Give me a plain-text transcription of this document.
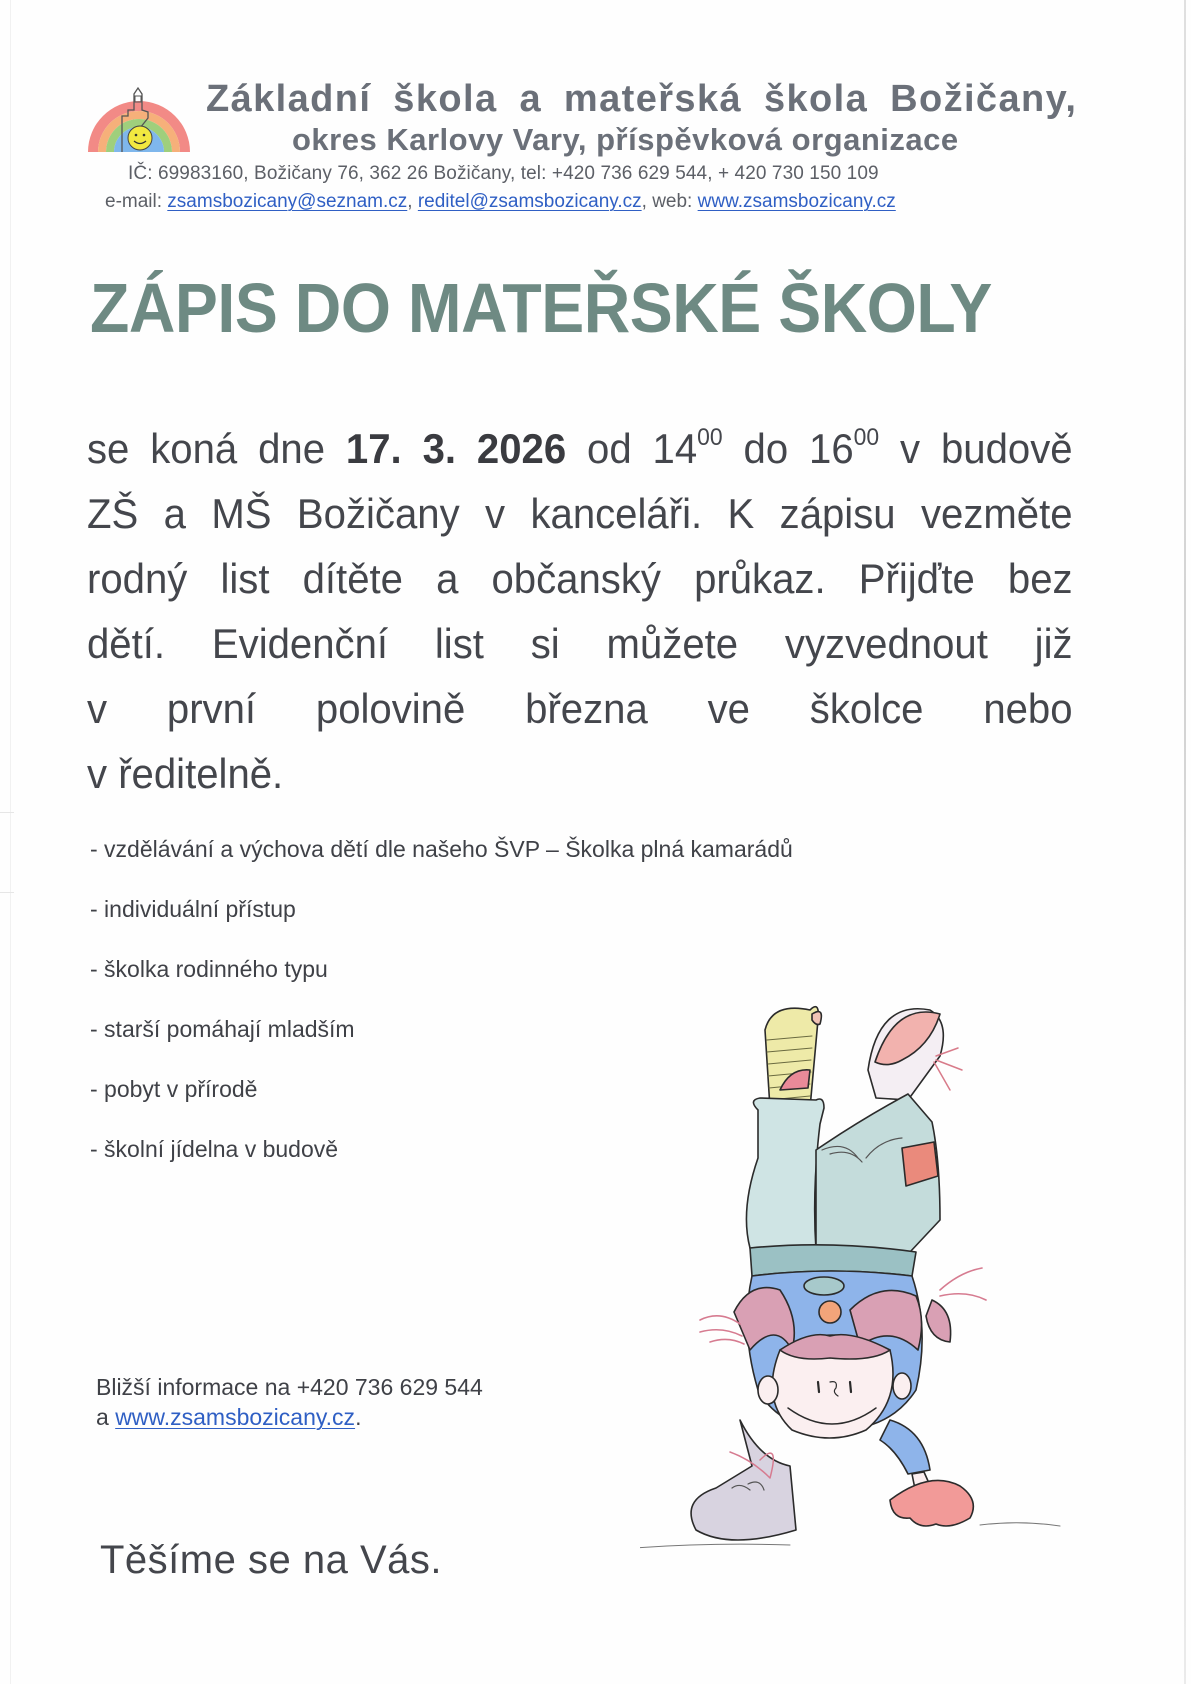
Základní škola a mateřská škola Božičany,
okres Karlovy Vary, příspěvková organizace
IČ: 69983160, Božičany 76, 362 26 Božičany, tel: +420 736 629 544, + 420 730 150 109
e-mail: zsamsbozicany@seznam.cz, reditel@zsamsbozicany.cz, web: www.zsamsbozicany.cz
ZÁPIS DO MATEŘSKÉ ŠKOLY
se koná dne 17. 3. 2026 od $14^{00}$ do $16^{00}$ v budově
ZŠ a MŠ Božičany v kanceláři. K zápisu vezměte
rodný list dítěte a občanský průkaz. Přijďte bez
dětí. Evidenční list si můžete vyzvednout již
v první polovině března ve školce nebo
v ředitelně.
- vzdělávání a výchova dětí dle našeho ŠVP – Školka plná kamarádů
- individuální přístup
- školka rodinného typu
- starší pomáhají mladším
- pobyt v přírodě
- školní jídelna v budově
Bližší informace na +420 736 629 544
a www.zsamsbozicany.cz.
Těšíme se na Vás.
